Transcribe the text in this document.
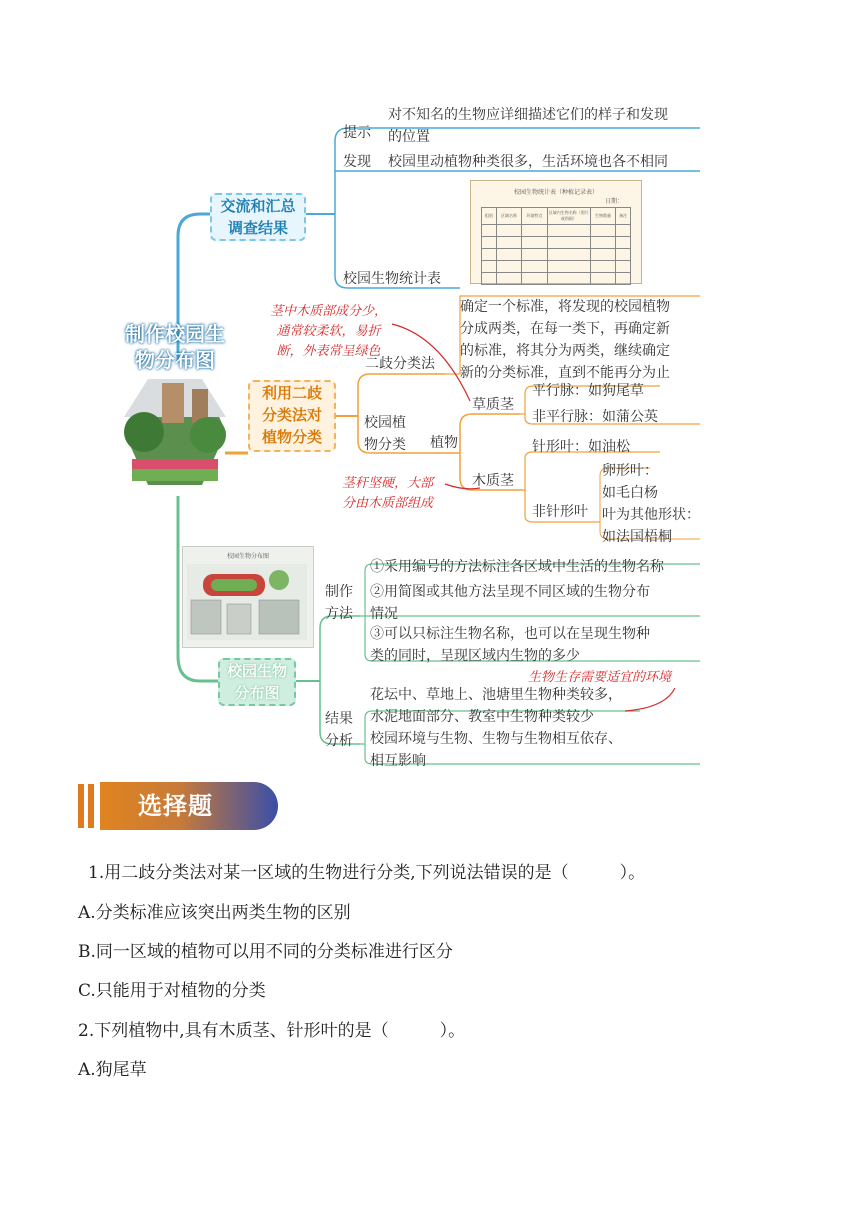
制作校园生
物分布图
交流和汇总
调查结果
提示
对不知名的生物应详细描述它们的样子和发现
的位置
发现 校园里动植物种类很多，生活环境也各不相同
校园生物统计表
校园生物统计表（种植记录表）
日期：
组别	区域名称	环境特点	区域内生物名称（照片或图画）	生物数量	备注

利用二歧
分类法对
植物分类
茎中木质部成分少，
通常较柔软，易折
断，外表常呈绿色
二歧分类法
确定一个标准，将发现的校园植物
分成两类，在每一类下，再确定新
的标准，将其分为两类，继续确定
新的分类标准，直到不能再分为止
校园植
物分类 植物
草质茎
平行脉：如狗尾草
非平行脉：如蒲公英
茎秆坚硬，大部
分由木质部组成
木质茎
针形叶：如油松
非针形叶
卵形叶：
如毛白杨
叶为其他形状：
如法国梧桐
校园生物分布图
校园生物
分布图
制作
方法
①采用编号的方法标注各区域中生活的生物名称
②用简图或其他方法呈现不同区域的生物分布
情况
③可以只标注生物名称，也可以在呈现生物种
类的同时，呈现区域内生物的多少
结果
分析
生物生存需要适宜的环境
花坛中、草地上、池塘里生物种类较多，
水泥地面部分、教室中生物种类较少
校园环境与生物、生物与生物相互依存、
相互影响
选择题
1.用二歧分类法对某一区域的生物进行分类,下列说法错误的是（　　　）。
A.分类标准应该突出两类生物的区别
B.同一区域的植物可以用不同的分类标准进行区分
C.只能用于对植物的分类
2.下列植物中,具有木质茎、针形叶的是（　　　）。
A.狗尾草
